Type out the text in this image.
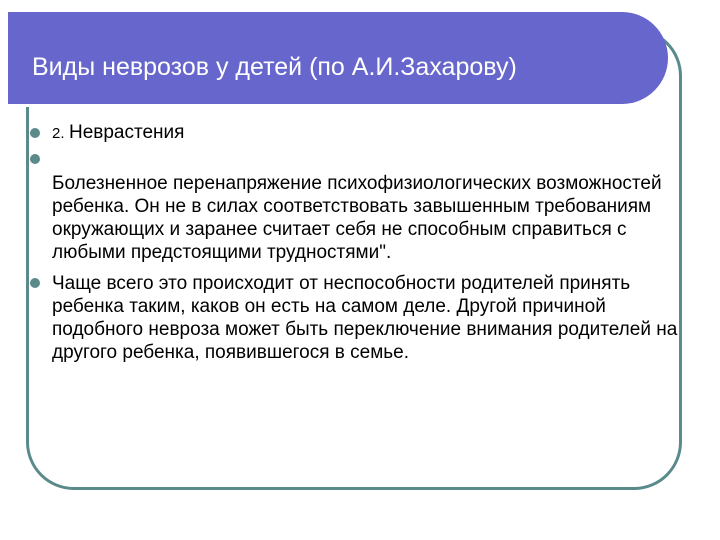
Виды неврозов у детей (по А.И.Захарову)
2. Неврастения
Болезненное перенапряжение психофизиологических возможностей ребенка. Он не в силах соответствовать завышенным требованиям окружающих и заранее считает себя не способным справиться с любыми предстоящими трудностями".
Чаще всего это происходит от неспособности родителей принять ребенка таким, каков он есть на самом деле. Другой причиной подобного невроза может быть переключение внимания родителей на другого ребенка, появившегося в семье.
